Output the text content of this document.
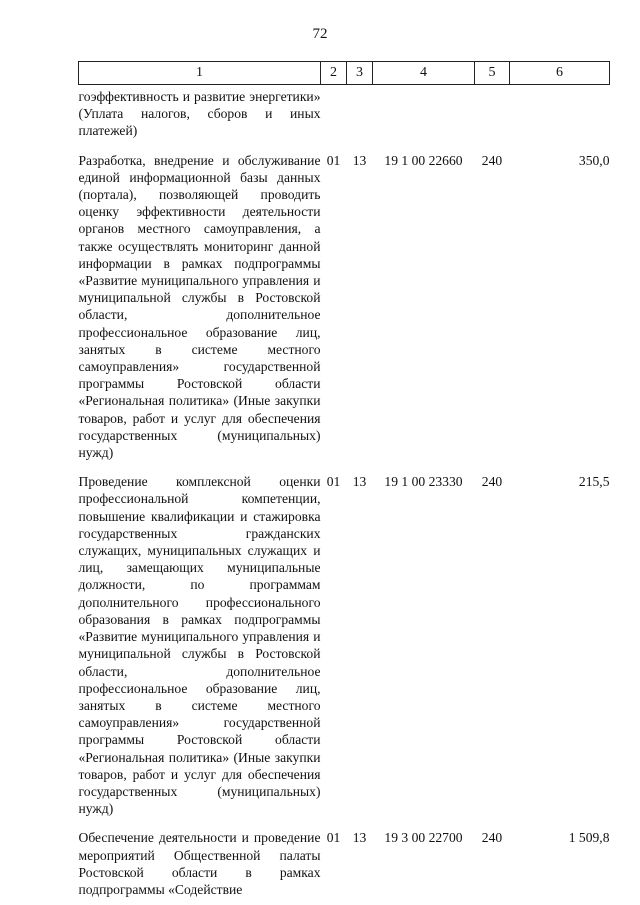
72
1	2	3	4	5	6
гоэффективность и развитие энергетики» (Уплата налогов, сборов и иных платежей)					
Разработка, внедрение и обслуживание единой информационной базы данных (портала), позволяющей проводить оценку эффективности деятельности органов местного самоуправления, а также осуществлять мониторинг данной информации в рамках подпрограммы «Развитие муниципального управления и муниципальной службы в Ростовской области, дополнительное профессиональное образование лиц, занятых в системе местного самоуправления» государственной программы Ростовской области «Региональная политика» (Иные закупки товаров, работ и услуг для обеспечения государственных (муниципальных) нужд)	01	13	19 1 00 22660	240	350,0
Проведение комплексной оценки профессиональной компетенции, повышение квалификации и стажировка государственных гражданских служащих, муниципальных служащих и лиц, замещающих муниципальные должности, по программам дополнительного профессионального образования в рамках подпрограммы «Развитие муниципального управления и муниципальной службы в Ростовской области, дополнительное профессиональное образование лиц, занятых в системе местного самоуправления» государственной программы Ростовской области «Региональная политика» (Иные закупки товаров, работ и услуг для обеспечения государственных (муниципальных) нужд)	01	13	19 1 00 23330	240	215,5
Обеспечение деятельности и проведение мероприятий Общественной палаты Ростовской области в рамках подпрограммы «Содействие	01	13	19 3 00 22700	240	1 509,8
